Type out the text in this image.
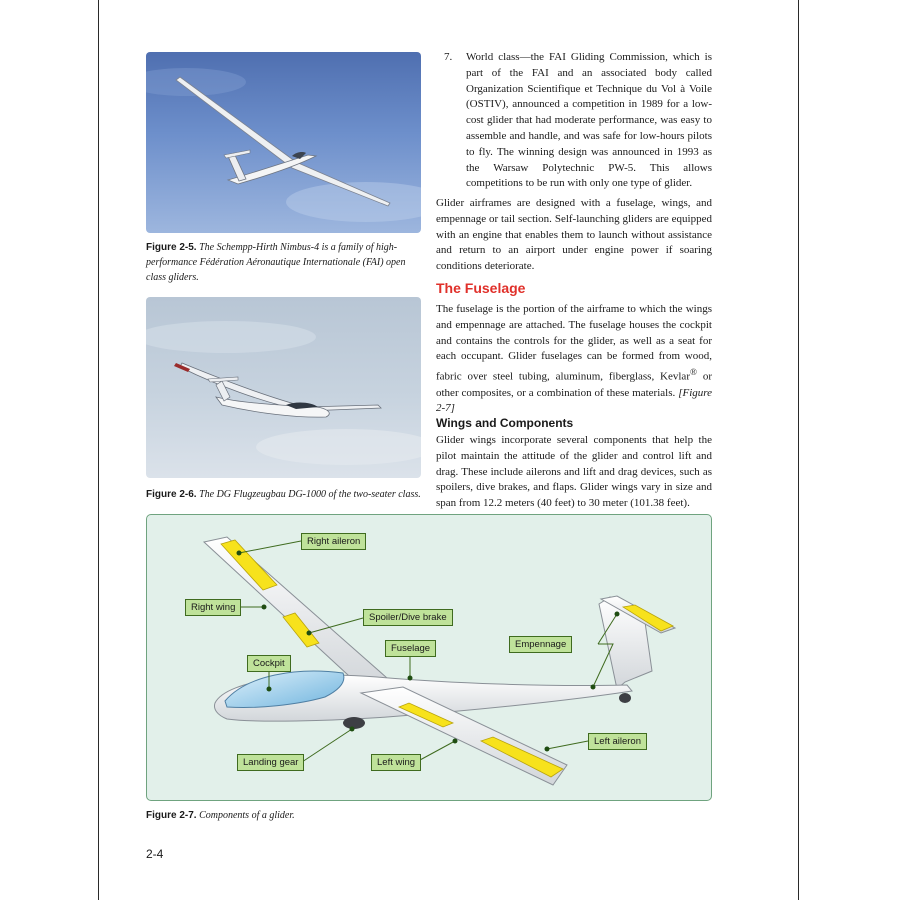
Figure 2-5. The Schempp-Hirth Nimbus-4 is a family of high-performance Fédération Aéronautique Internationale (FAI) open class gliders.
Figure 2-6. The DG Flugzeugbau DG-1000 of the two-seater class.
7. World class—the FAI Gliding Commission, which is part of the FAI and an associated body called Organization Scientifique et Technique du Vol à Voile (OSTIV), announced a competition in 1989 for a low-cost glider that had moderate performance, was easy to assemble and handle, and was safe for low-hours pilots to fly. The winning design was announced in 1993 as the Warsaw Polytechnic PW-5. This allows competitions to be run with only one type of glider.
Glider airframes are designed with a fuselage, wings, and empennage or tail section. Self-launching gliders are equipped with an engine that enables them to launch without assistance and return to an airport under engine power if soaring conditions deteriorate.
The Fuselage
The fuselage is the portion of the airframe to which the wings and empennage are attached. The fuselage houses the cockpit and contains the controls for the glider, as well as a seat for each occupant. Glider fuselages can be formed from wood, fabric over steel tubing, aluminum, fiberglass, Kevlar® or other composites, or a combination of these materials. [Figure 2-7]
Wings and Components
Glider wings incorporate several components that help the pilot maintain the attitude of the glider and control lift and drag. These include ailerons and lift and drag devices, such as spoilers, dive brakes, and flaps. Glider wings vary in size and span from 12.2 meters (40 feet) to 30 meter (101.38 feet).
Right aileron
Right wing
Spoiler/Dive brake
Cockpit
Fuselage	Empennage
Landing gear	Left wing
Left aileron
Figure 2-7. Components of a glider.
2-4
